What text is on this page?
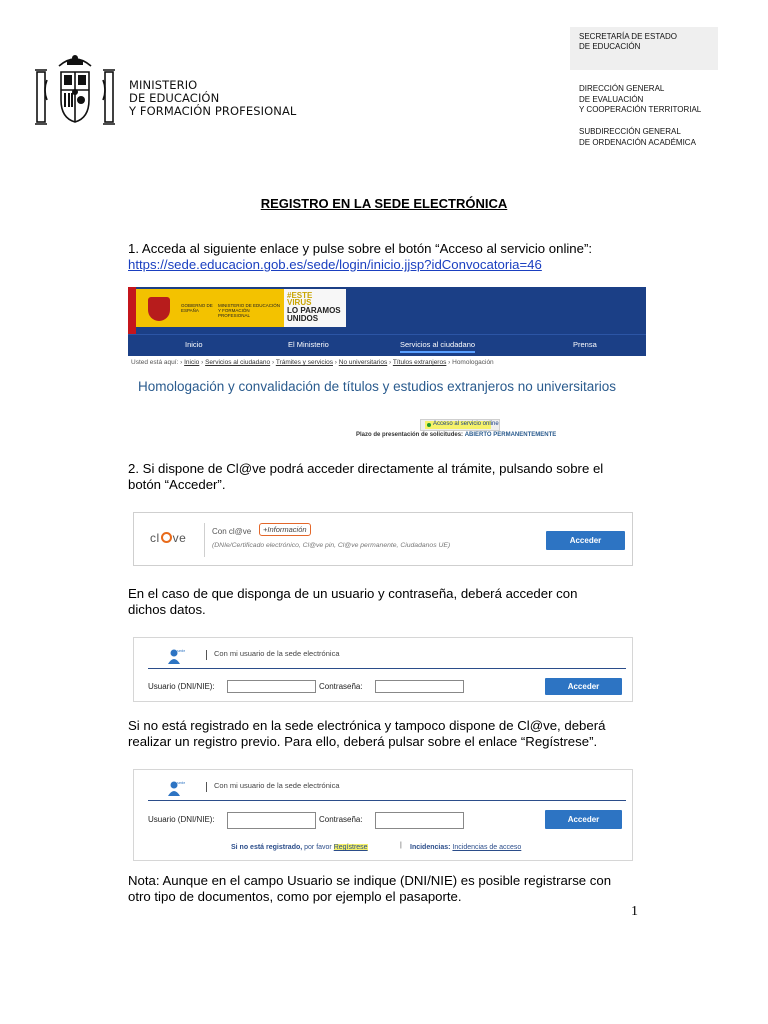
MINISTERIO
DE EDUCACIÓN
Y FORMACIÓN PROFESIONAL
SECRETARÍA DE ESTADO
DE EDUCACIÓN
DIRECCIÓN GENERAL
DE EVALUACIÓN
Y COOPERACIÓN TERRITORIAL
SUBDIRECCIÓN GENERAL
DE ORDENACIÓN ACADÉMICA
REGISTRO EN LA SEDE ELECTRÓNICA
1. Acceda al siguiente enlace y pulse sobre el botón “Acceso al servicio online”:
https://sede.educacion.gob.es/sede/login/inicio.jjsp?idConvocatoria=46
GOBIERNO DE ESPAÑA
MINISTERIO DE EDUCACIÓN Y FORMACIÓN PROFESIONAL
#ESTE VIRUS
LO PARAMOS UNIDOS
Inicio	El Ministerio	Servicios al ciudadano	Prensa
Usted está aquí: › Inicio › Servicios al ciudadano › Trámites y servicios › No universitarios › Títulos extranjeros › Homologación
Homologación y convalidación de títulos y estudios extranjeros no universitarios
Acceso al servicio online
Plazo de presentación de solicitudes: ABIERTO PERMANENTEMENTE
2. Si dispone de Cl@ve podrá acceder directamente al trámite, pulsando sobre el
botón “Acceder”.
cl ve	Con cl@ve	+Información
(DNIe/Certificado electrónico, Cl@ve pin, Cl@ve permanente, Ciudadanos UE)
Acceder
En el caso de que disponga de un usuario y contraseña, deberá acceder con
dichos datos.
sede	Con mi usuario de la sede electrónica
Usuario (DNI/NIE):	Contraseña:	Acceder
Si no está registrado en la sede electrónica y tampoco dispone de Cl@ve, deberá
realizar un registro previo. Para ello, deberá pulsar sobre el enlace “Regístrese”.
sede	Con mi usuario de la sede electrónica
Usuario (DNI/NIE):	Contraseña:	Acceder
Si no está registrado, por favor Regístrese	| Incidencias: Incidencias de acceso
Nota: Aunque en el campo Usuario se indique (DNI/NIE) es posible registrarse con
otro tipo de documentos, como por ejemplo el pasaporte.
1
